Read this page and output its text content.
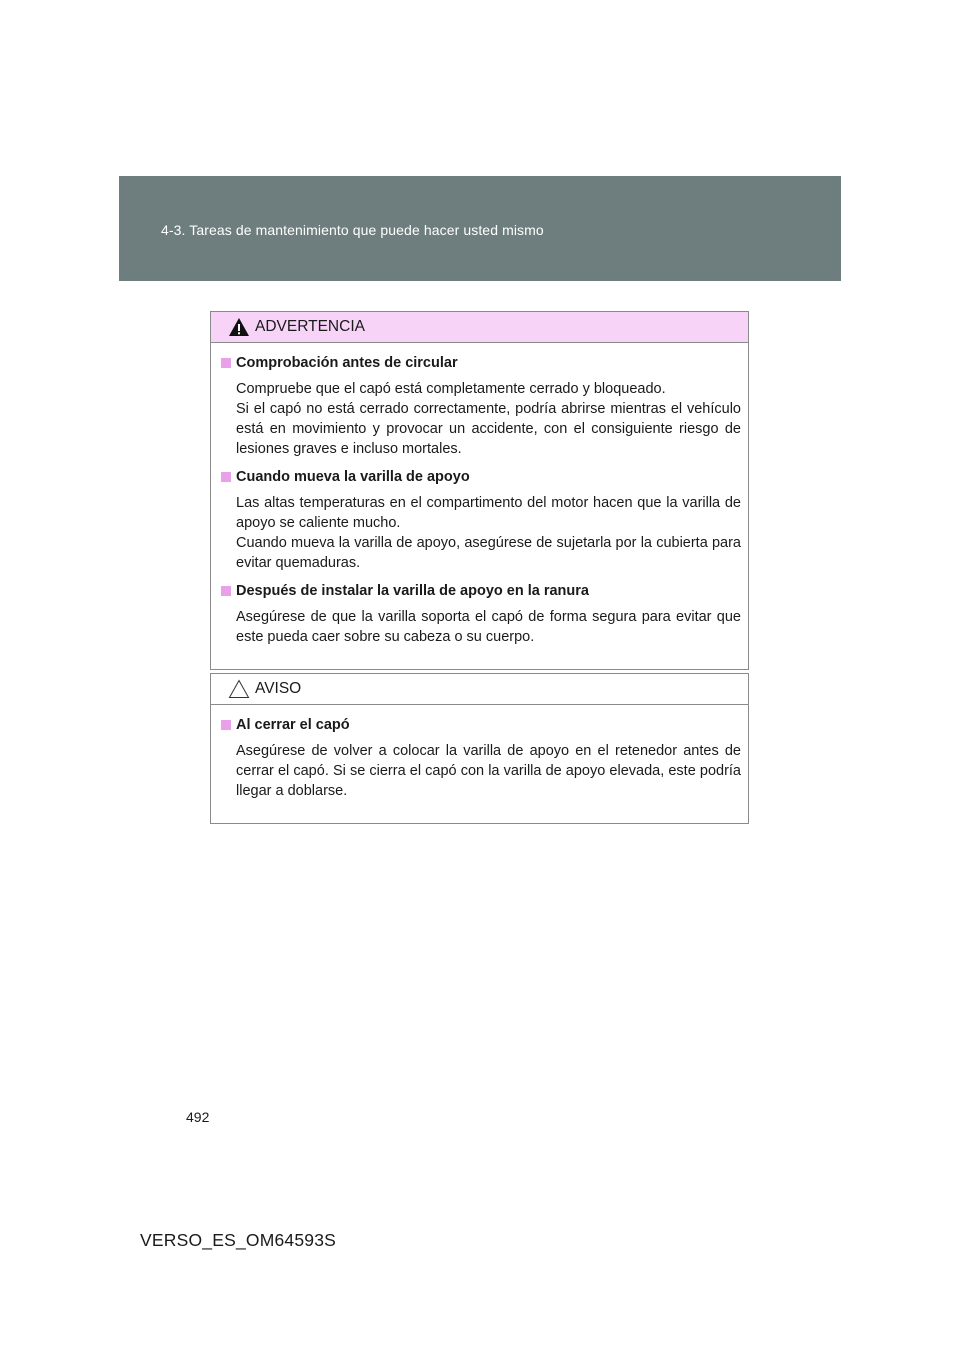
4-3. Tareas de mantenimiento que puede hacer usted mismo
ADVERTENCIA
Comprobación antes de circular
Compruebe que el capó está completamente cerrado y bloqueado.
Si el capó no está cerrado correctamente, podría abrirse mientras el vehículo está en movimiento y provocar un accidente, con el consiguiente riesgo de lesiones graves e incluso mortales.
Cuando mueva la varilla de apoyo
Las altas temperaturas en el compartimento del motor hacen que la varilla de apoyo se caliente mucho.
Cuando mueva la varilla de apoyo, asegúrese de sujetarla por la cubierta para evitar quemaduras.
Después de instalar la varilla de apoyo en la ranura
Asegúrese de que la varilla soporta el capó de forma segura para evitar que este pueda caer sobre su cabeza o su cuerpo.
AVISO
Al cerrar el capó
Asegúrese de volver a colocar la varilla de apoyo en el retenedor antes de cerrar el capó. Si se cierra el capó con la varilla de apoyo elevada, este podría llegar a doblarse.
492
VERSO_ES_OM64593S
